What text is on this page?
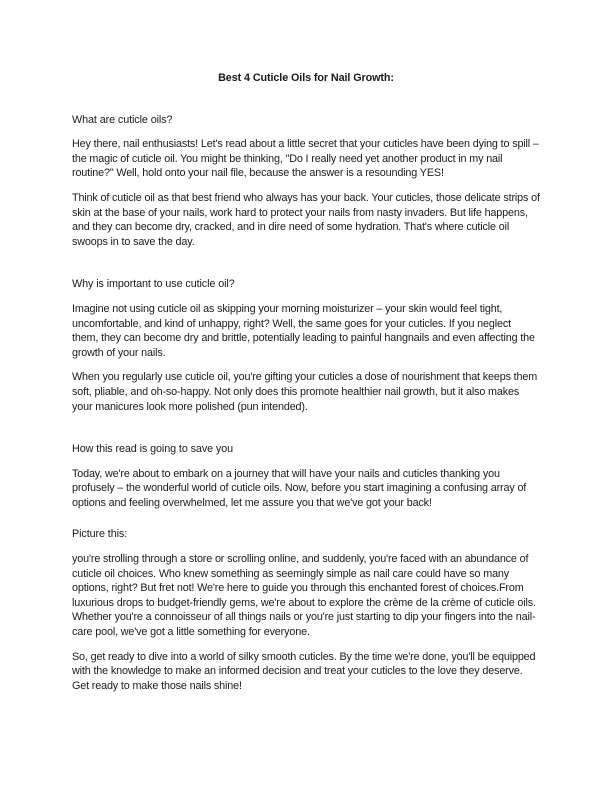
Best 4 Cuticle Oils for Nail Growth:
What are cuticle oils?
Hey there, nail enthusiasts! Let's read about a little secret that your cuticles have been dying to spill – the magic of cuticle oil. You might be thinking, "Do I really need yet another product in my nail routine?" Well, hold onto your nail file, because the answer is a resounding YES!
Think of cuticle oil as that best friend who always has your back. Your cuticles, those delicate strips of skin at the base of your nails, work hard to protect your nails from nasty invaders. But life happens, and they can become dry, cracked, and in dire need of some hydration. That's where cuticle oil swoops in to save the day.
Why is important to use cuticle oil?
Imagine not using cuticle oil as skipping your morning moisturizer – your skin would feel tight, uncomfortable, and kind of unhappy, right? Well, the same goes for your cuticles. If you neglect them, they can become dry and brittle, potentially leading to painful hangnails and even affecting the growth of your nails.
When you regularly use cuticle oil, you're gifting your cuticles a dose of nourishment that keeps them soft, pliable, and oh-so-happy. Not only does this promote healthier nail growth, but it also makes your manicures look more polished (pun intended).
How this read is going to save you
Today, we're about to embark on a journey that will have your nails and cuticles thanking you profusely – the wonderful world of cuticle oils. Now, before you start imagining a confusing array of options and feeling overwhelmed, let me assure you that we've got your back!
Picture this:
you're strolling through a store or scrolling online, and suddenly, you're faced with an abundance of cuticle oil choices. Who knew something as seemingly simple as nail care could have so many options, right? But fret not! We're here to guide you through this enchanted forest of choices.From luxurious drops to budget-friendly gems, we're about to explore the crème de la crème of cuticle oils. Whether you're a connoisseur of all things nails or you're just starting to dip your fingers into the nail-care pool, we've got a little something for everyone.
So, get ready to dive into a world of silky smooth cuticles. By the time we're done, you'll be equipped with the knowledge to make an informed decision and treat your cuticles to the love they deserve. Get ready to make those nails shine!
